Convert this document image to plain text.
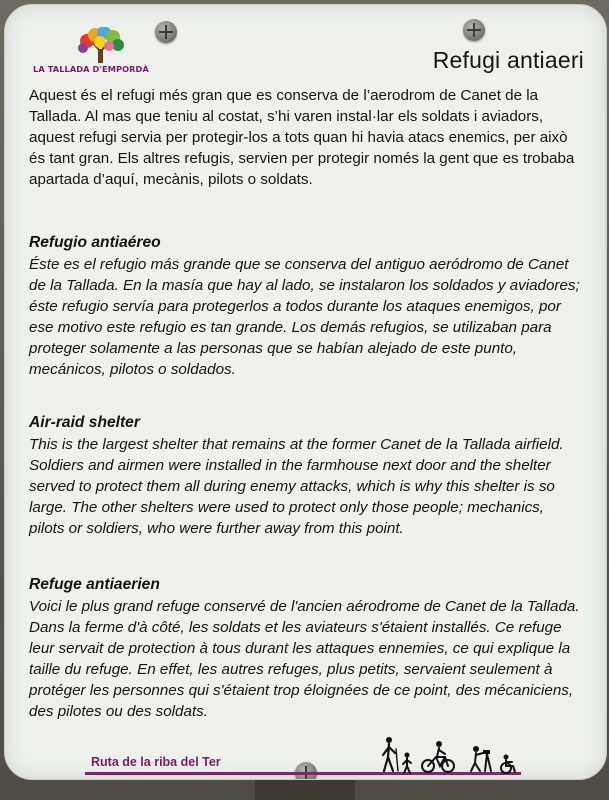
LA TALLADA D'EMPORDÀ	Refugi antiaeri

Aquest és el refugi més gran que es conserva de l’aerodrom de Canet de la Tallada. Al mas que teniu al costat, s’hi varen instal·lar els soldats i aviadors, aquest refugi servia per protegir-los a tots quan hi havia atacs enemics, per això és tant gran. Els altres refugis, servien per protegir només la gent que es trobaba apartada d’aquí, mecànis, pilots o soldats.

Refugio antiaéreo

Éste es el refugio más grande que se conserva del antiguo aeródromo de Canet de la Tallada. En la masía que hay al lado, se instalaron los soldados y aviadores; éste refugio servía para protegerlos a todos durante los ataques enemigos, por ese motivo este refugio es tan grande. Los demás refugios, se utilizaban para proteger solamente a las personas que se habían alejado de este punto, mecánicos, pilotos o soldados.

Air-raid shelter

This is the largest shelter that remains at the former Canet de la Tallada airfield. Soldiers and airmen were installed in the farmhouse next door and the shelter served to protect them all during enemy attacks, which is why this shelter is so large. The other shelters were used to protect only those people; mechanics, pilots or soldiers, who were further away from this point.

Refuge antiaerien

Voici le plus grand refuge conservé de l'ancien aérodrome de Canet de la Tallada. Dans la ferme d'à côté, les soldats et les aviateurs s'étaient installés. Ce refuge leur servait de protection à tous durant les attaques ennemies, ce qui explique la taille du refuge. En effet, les autres refuges, plus petits, servaient seulement à protéger les personnes qui s'étaient trop éloignées de ce point, des mécaniciens, des pilotes ou des soldats.

Ruta de la riba del Ter
